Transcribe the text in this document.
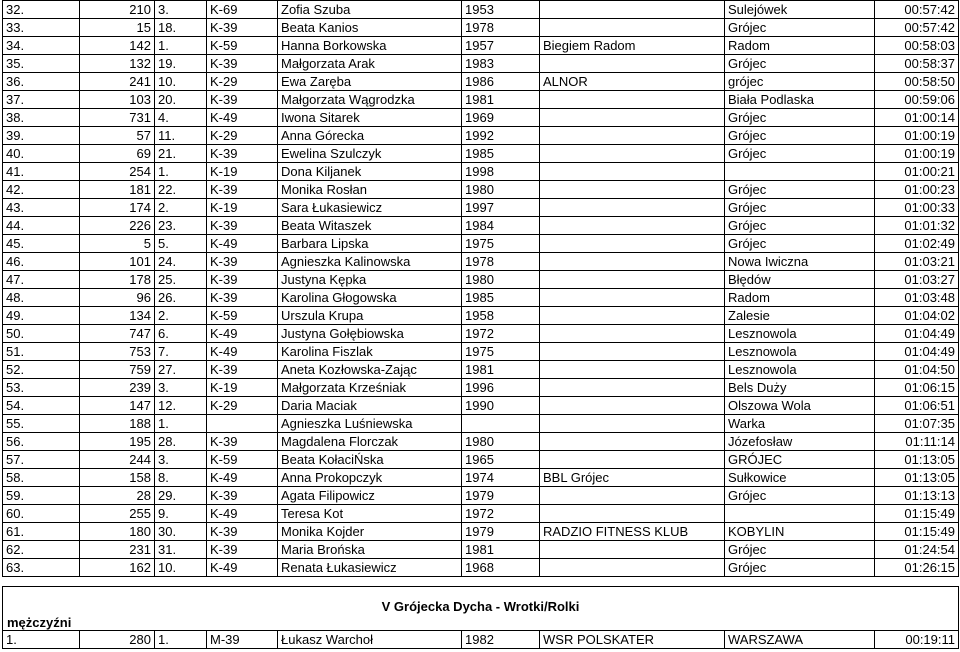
32.	210	3.	K-69	Zofia Szuba	1953		Sulejówek	00:57:42
33.	15	18.	K-39	Beata Kanios	1978		Grójec	00:57:42
34.	142	1.	K-59	Hanna Borkowska	1957	Biegiem Radom	Radom	00:58:03
35.	132	19.	K-39	Małgorzata Arak	1983		Grójec	00:58:37
36.	241	10.	K-29	Ewa Zaręba	1986	ALNOR	grójec	00:58:50
37.	103	20.	K-39	Małgorzata Wągrodzka	1981		Biała Podlaska	00:59:06
38.	731	4.	K-49	Iwona Sitarek	1969		Grójec	01:00:14
39.	57	11.	K-29	Anna Górecka	1992		Grójec	01:00:19
40.	69	21.	K-39	Ewelina Szulczyk	1985		Grójec	01:00:19
41.	254	1.	K-19	Dona Kiljanek	1998			01:00:21
42.	181	22.	K-39	Monika Rosłan	1980		Grójec	01:00:23
43.	174	2.	K-19	Sara Łukasiewicz	1997		Grójec	01:00:33
44.	226	23.	K-39	Beata Witaszek	1984		Grójec	01:01:32
45.	5	5.	K-49	Barbara Lipska	1975		Grójec	01:02:49
46.	101	24.	K-39	Agnieszka Kalinowska	1978		Nowa Iwiczna	01:03:21
47.	178	25.	K-39	Justyna Kępka	1980		Błędów	01:03:27
48.	96	26.	K-39	Karolina Głogowska	1985		Radom	01:03:48
49.	134	2.	K-59	Urszula Krupa	1958		Zalesie	01:04:02
50.	747	6.	K-49	Justyna Gołębiowska	1972		Lesznowola	01:04:49
51.	753	7.	K-49	Karolina Fiszlak	1975		Lesznowola	01:04:49
52.	759	27.	K-39	Aneta Kozłowska-Zając	1981		Lesznowola	01:04:50
53.	239	3.	K-19	Małgorzata Krześniak	1996		Bels Duży	01:06:15
54.	147	12.	K-29	Daria Maciak	1990		Olszowa Wola	01:06:51
55.	188	1.		Agnieszka Luśniewska			Warka	01:07:35
56.	195	28.	K-39	Magdalena Florczak	1980		Józefosław	01:11:14
57.	244	3.	K-59	Beata KołaciŃska	1965		GRÓJEC	01:13:05
58.	158	8.	K-49	Anna Prokopczyk	1974	BBL Grójec	Sułkowice	01:13:05
59.	28	29.	K-39	Agata Filipowicz	1979		Grójec	01:13:13
60.	255	9.	K-49	Teresa Kot	1972			01:15:49
61.	180	30.	K-39	Monika Kojder	1979	RADZIO FITNESS KLUB	KOBYLIN	01:15:49
62.	231	31.	K-39	Maria Brońska	1981		Grójec	01:24:54
63.	162	10.	K-49	Renata Łukasiewicz	1968		Grójec	01:26:15
V Grójecka Dycha - Wrotki/Rolki
mężczyźni
1.	280	1.	M-39	Łukasz Warchoł	1982	WSR POLSKATER	WARSZAWA	00:19:11
